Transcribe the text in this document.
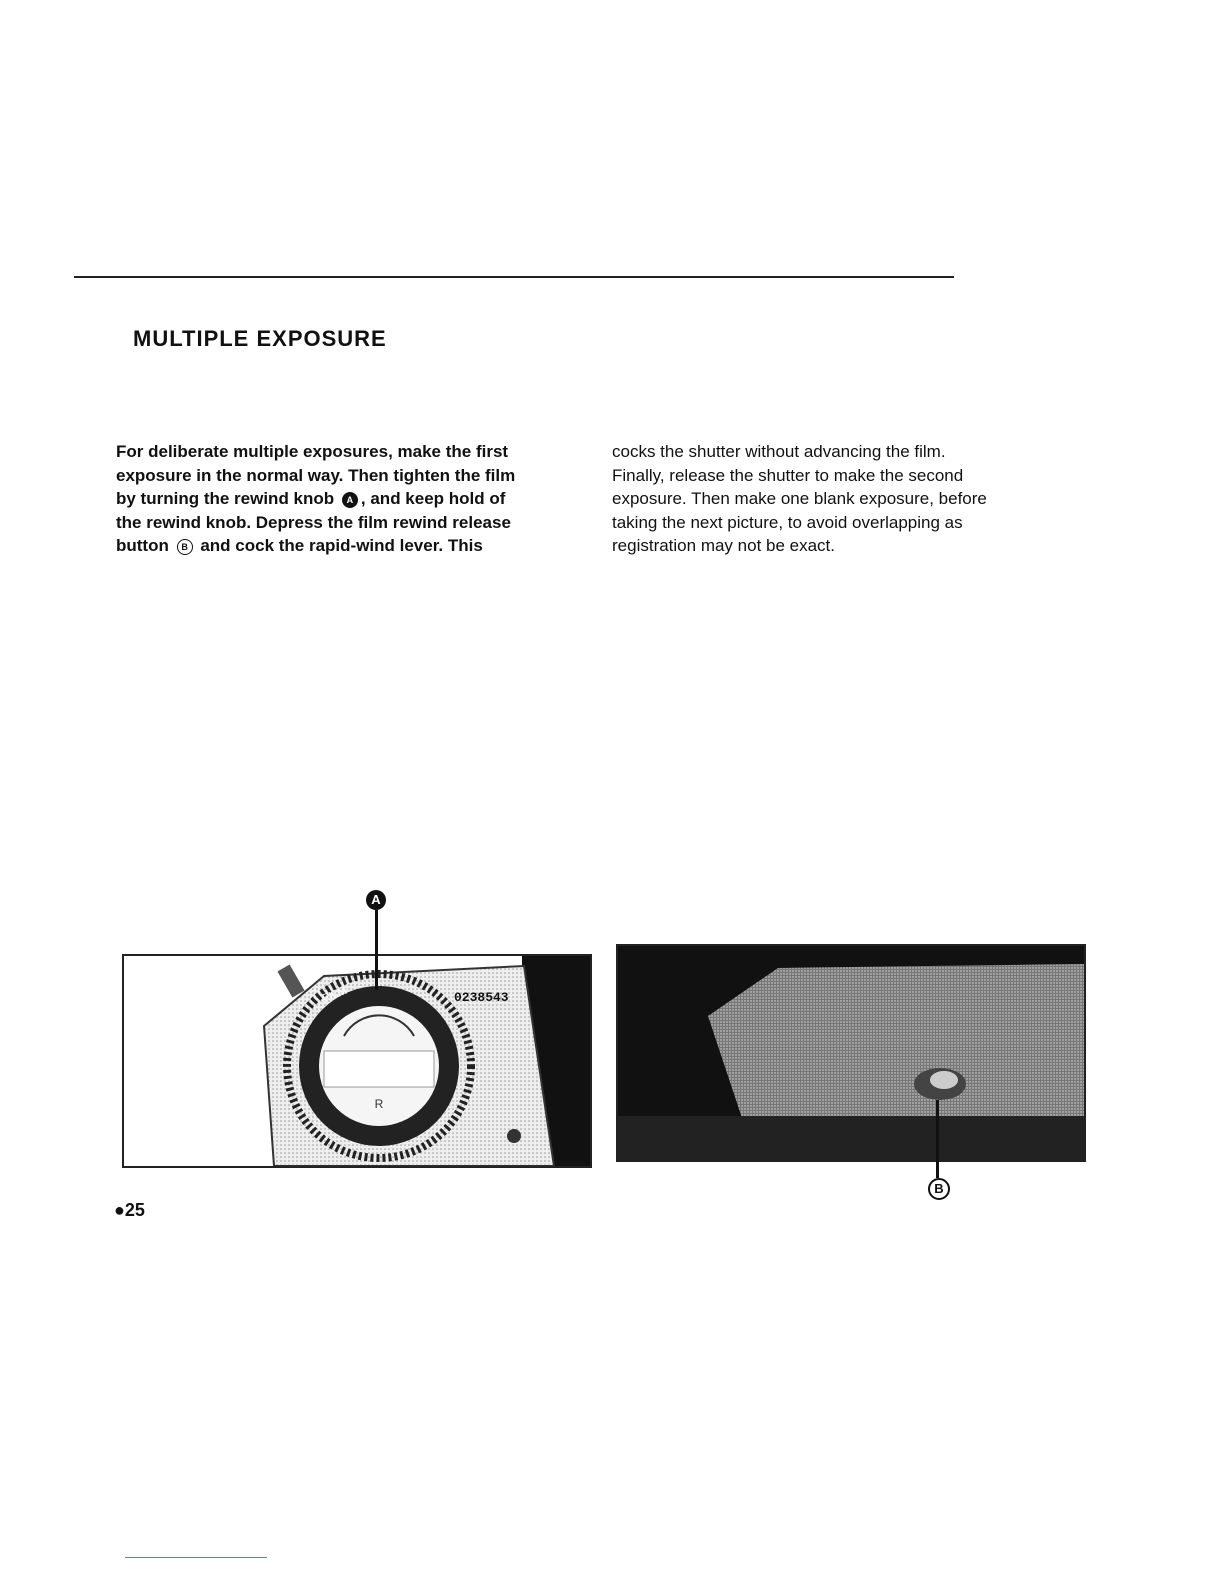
MULTIPLE EXPOSURE
For deliberate multiple exposures, make the first
exposure in the normal way. Then tighten the film
by turning the rewind knob A , and keep hold of
the rewind knob. Depress the film rewind release
button B and cock the rapid-wind lever. This
cocks the shutter without advancing the film.
Finally, release the shutter to make the second
exposure. Then make one blank exposure, before
taking the next picture, to avoid overlapping as
registration may not be exact.
R
FILM	0238543
A
B
●25
